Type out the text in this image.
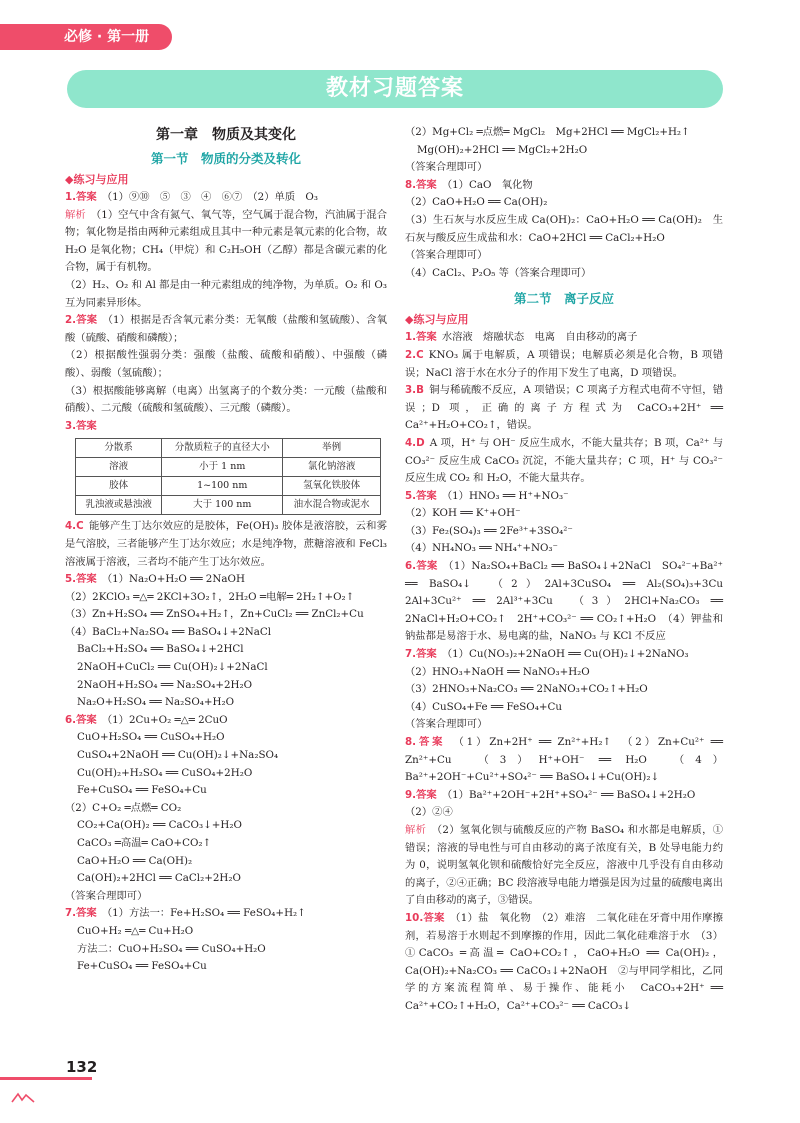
必修 · 第一册
教材习题答案
第一章　物质及其变化
第一节　物质的分类及转化
◆练习与应用

1.答案  （1）⑨⑩　⑤　③　④　⑥⑦　（2）单质　O₃

解析  （1）空气中含有氮气、氧气等，空气属于混合物，汽油属于混合物；氧化物是指由两种元素组成且其中一种元素是氧元素的化合物，故 H₂O 是氧化物；CH₄（甲烷）和 C₂H₅OH（乙醇）都是含碳元素的化合物，属于有机物。

（2）H₂、O₂ 和 Al 都是由一种元素组成的纯净物，为单质。O₂ 和 O₃ 互为同素异形体。

2.答案  （1）根据是否含氧元素分类：无氧酸（盐酸和氢硫酸）、含氧酸（硫酸、硝酸和磷酸）；

（2）根据酸性强弱分类：强酸（盐酸、硫酸和硝酸）、中强酸（磷酸）、弱酸（氢硫酸）；

（3）根据酸能够离解（电离）出氢离子的个数分类：一元酸（盐酸和硝酸）、二元酸（硫酸和氢硫酸）、三元酸（磷酸）。

3.答案 

分散系	分散质粒子的直径大小	举例
溶液	小于 1 nm	氯化钠溶液
胶体	1~100 nm	氢氧化铁胶体
乳浊液或悬浊液	大于 100 nm	油水混合物或泥水

4.C  能够产生丁达尔效应的是胶体，Fe(OH)₃ 胶体是液溶胶，云和雾是气溶胶，三者能够产生丁达尔效应；水是纯净物，蔗糖溶液和 FeCl₃ 溶液属于溶液，三者均不能产生丁达尔效应。

5.答案  （1）Na₂O+H₂O ══ 2NaOH

（2）2KClO₃ ═△═ 2KCl+3O₂↑，2H₂O ═电解═ 2H₂↑+O₂↑

（3）Zn+H₂SO₄ ══ ZnSO₄+H₂↑，Zn+CuCl₂ ══ ZnCl₂+Cu

（4）BaCl₂+Na₂SO₄ ══ BaSO₄↓+2NaCl

BaCl₂+H₂SO₄ ══ BaSO₄↓+2HCl

2NaOH+CuCl₂ ══ Cu(OH)₂↓+2NaCl

2NaOH+H₂SO₄ ══ Na₂SO₄+2H₂O

Na₂O+H₂SO₄ ══ Na₂SO₄+H₂O

6.答案  （1）2Cu+O₂ ═△═ 2CuO

CuO+H₂SO₄ ══ CuSO₄+H₂O

CuSO₄+2NaOH ══ Cu(OH)₂↓+Na₂SO₄

Cu(OH)₂+H₂SO₄ ══ CuSO₄+2H₂O

Fe+CuSO₄ ══ FeSO₄+Cu

（2）C+O₂ ═点燃═ CO₂

CO₂+Ca(OH)₂ ══ CaCO₃↓+H₂O

CaCO₃ ═高温═ CaO+CO₂↑

CaO+H₂O ══ Ca(OH)₂

Ca(OH)₂+2HCl ══ CaCl₂+2H₂O

（答案合理即可）

7.答案  （1）方法一：Fe+H₂SO₄ ══ FeSO₄+H₂↑

CuO+H₂ ═△═ Cu+H₂O

方法二：CuO+H₂SO₄ ══ CuSO₄+H₂O

Fe+CuSO₄ ══ FeSO₄+Cu

（2）Mg+Cl₂ ═点燃═ MgCl₂　Mg+2HCl ══ MgCl₂+H₂↑

Mg(OH)₂+2HCl ══ MgCl₂+2H₂O

（答案合理即可）

8.答案  （1）CaO　氧化物

（2）CaO+H₂O ══ Ca(OH)₂

（3）生石灰与水反应生成 Ca(OH)₂：CaO+H₂O ══ Ca(OH)₂　生石灰与酸反应生成盐和水：CaO+2HCl ══ CaCl₂+H₂O

（答案合理即可）

（4）CaCl₂、P₂O₅ 等（答案合理即可）

第二节　离子反应
◆练习与应用

1.答案  水溶液　熔融状态　电离　自由移动的离子

2.C  KNO₃ 属于电解质，A 项错误；电解质必须是化合物，B 项错误；NaCl 溶于水在水分子的作用下发生了电离，D 项错误。

3.B  铜与稀硫酸不反应，A 项错误；C 项离子方程式电荷不守恒，错误；D 项，正确的离子方程式为 CaCO₃+2H⁺ ══ Ca²⁺+H₂O+CO₂↑，错误。

4.D  A 项，H⁺ 与 OH⁻ 反应生成水，不能大量共存；B 项，Ca²⁺ 与 CO₃²⁻ 反应生成 CaCO₃ 沉淀，不能大量共存；C 项，H⁺ 与 CO₃²⁻ 反应生成 CO₂ 和 H₂O，不能大量共存。

5.答案  （1）HNO₃ ══ H⁺+NO₃⁻

（2）KOH ══ K⁺+OH⁻

（3）Fe₂(SO₄)₃ ══ 2Fe³⁺+3SO₄²⁻

（4）NH₄NO₃ ══ NH₄⁺+NO₃⁻

6.答案  （1）Na₂SO₄+BaCl₂ ══ BaSO₄↓+2NaCl　SO₄²⁻+Ba²⁺ ══ BaSO₄↓　（2）2Al+3CuSO₄ ══ Al₂(SO₄)₃+3Cu　2Al+3Cu²⁺ ══ 2Al³⁺+3Cu　（3）2HCl+Na₂CO₃ ══ 2NaCl+H₂O+CO₂↑　2H⁺+CO₃²⁻ ══ CO₂↑+H₂O　（4）钾盐和钠盐都是易溶于水、易电离的盐，NaNO₃ 与 KCl 不反应

7.答案  （1）Cu(NO₃)₂+2NaOH ══ Cu(OH)₂↓+2NaNO₃

（2）HNO₃+NaOH ══ NaNO₃+H₂O

（3）2HNO₃+Na₂CO₃ ══ 2NaNO₃+CO₂↑+H₂O

（4）CuSO₄+Fe ══ FeSO₄+Cu

（答案合理即可）

8.答案  （1）Zn+2H⁺ ══ Zn²⁺+H₂↑　（2）Zn+Cu²⁺ ══ Zn²⁺+Cu　（3）H⁺+OH⁻ ══ H₂O　（4）Ba²⁺+2OH⁻+Cu²⁺+SO₄²⁻ ══ BaSO₄↓+Cu(OH)₂↓

9.答案  （1）Ba²⁺+2OH⁻+2H⁺+SO₄²⁻ ══ BaSO₄↓+2H₂O

（2）②④

解析  （2）氢氧化钡与硫酸反应的产物 BaSO₄ 和水都是电解质，①错误；溶液的导电性与可自由移动的离子浓度有关，B 处导电能力约为 0，说明氢氧化钡和硫酸恰好完全反应，溶液中几乎没有自由移动的离子，②④正确；BC 段溶液导电能力增强是因为过量的硫酸电离出了自由移动的离子，③错误。

10.答案  （1）盐　氧化物　（2）难溶　二氧化硅在牙膏中用作摩擦剂，若易溶于水则起不到摩擦的作用，因此二氧化硅难溶于水　（3）①CaCO₃ ═高温═ CaO+CO₂↑，CaO+H₂O ══ Ca(OH)₂，Ca(OH)₂+Na₂CO₃ ══ CaCO₃↓+2NaOH　②与甲同学相比，乙同学的方案流程简单、易于操作、能耗小　CaCO₃+2H⁺ ══ Ca²⁺+CO₂↑+H₂O，Ca²⁺+CO₃²⁻ ══ CaCO₃↓

132
